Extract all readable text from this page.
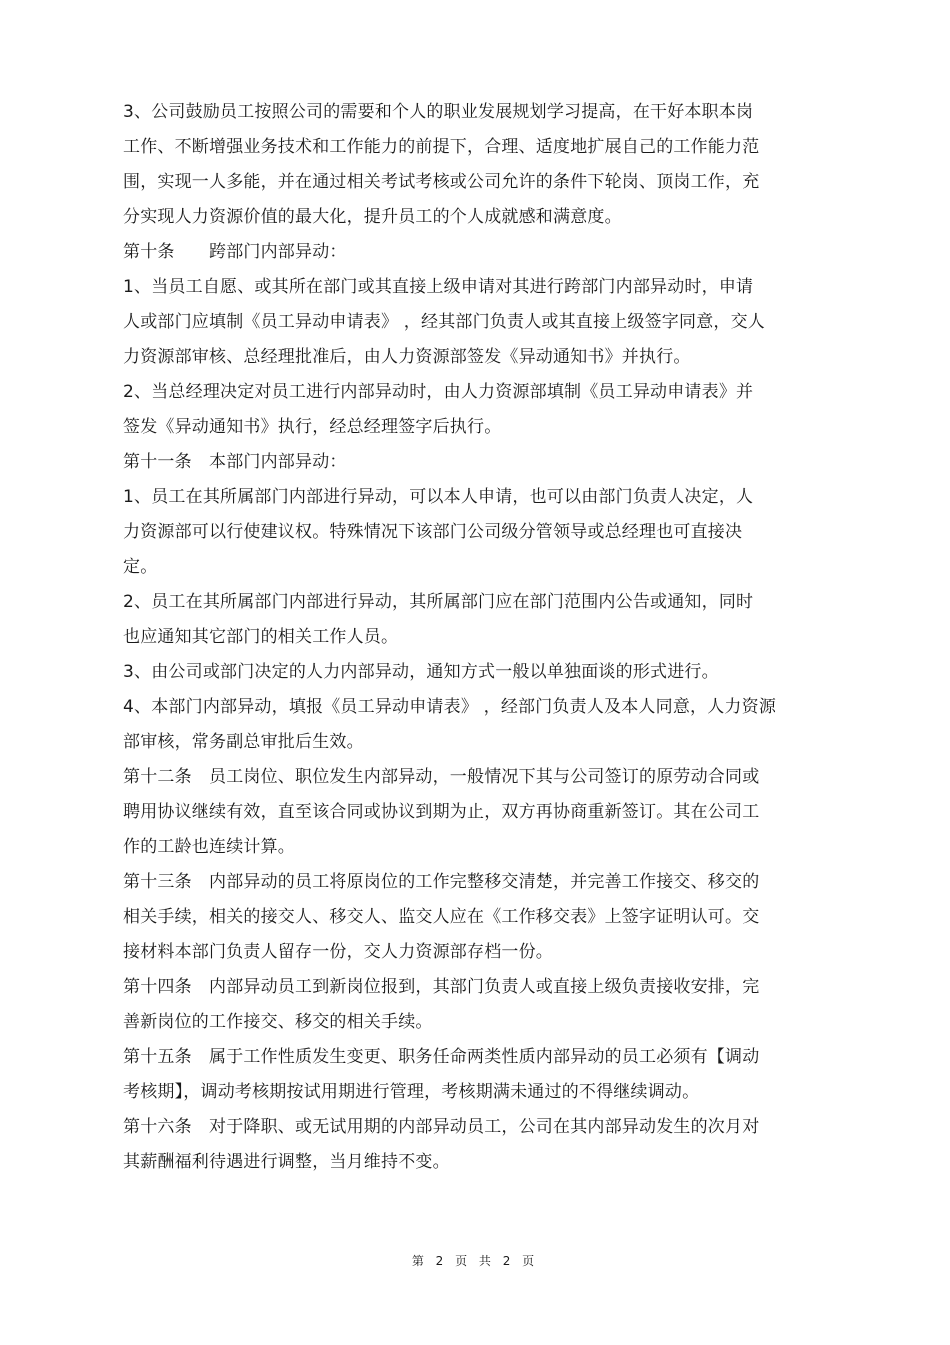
3、公司鼓励员工按照公司的需要和个人的职业发展规划学习提高，在干好本职本岗
工作、不断增强业务技术和工作能力的前提下，合理、适度地扩展自己的工作能力范
围，实现一人多能，并在通过相关考试考核或公司允许的条件下轮岗、顶岗工作，充
分实现人力资源价值的最大化，提升员工的个人成就感和满意度。
第十条　　跨部门内部异动：
1、当员工自愿、或其所在部门或其直接上级申请对其进行跨部门内部异动时，申请
人或部门应填制《员工异动申请表》 ，经其部门负责人或其直接上级签字同意，交人
力资源部审核、总经理批准后，由人力资源部签发《异动通知书》并执行。
2、当总经理决定对员工进行内部异动时，由人力资源部填制《员工异动申请表》并
签发《异动通知书》执行，经总经理签字后执行。
第十一条　本部门内部异动：
1、员工在其所属部门内部进行异动，可以本人申请，也可以由部门负责人决定，人
力资源部可以行使建议权。特殊情况下该部门公司级分管领导或总经理也可直接决
定。
2、员工在其所属部门内部进行异动，其所属部门应在部门范围内公告或通知，同时
也应通知其它部门的相关工作人员。
3、由公司或部门决定的人力内部异动，通知方式一般以单独面谈的形式进行。
4、本部门内部异动，填报《员工异动申请表》 ，经部门负责人及本人同意，人力资源
部审核，常务副总审批后生效。
第十二条　员工岗位、职位发生内部异动，一般情况下其与公司签订的原劳动合同或
聘用协议继续有效，直至该合同或协议到期为止，双方再协商重新签订。其在公司工
作的工龄也连续计算。
第十三条　内部异动的员工将原岗位的工作完整移交清楚，并完善工作接交、移交的
相关手续，相关的接交人、移交人、监交人应在《工作移交表》上签字证明认可。交
接材料本部门负责人留存一份，交人力资源部存档一份。
第十四条　内部异动员工到新岗位报到，其部门负责人或直接上级负责接收安排，完
善新岗位的工作接交、移交的相关手续。
第十五条　属于工作性质发生变更、职务任命两类性质内部异动的员工必须有【调动
考核期】，调动考核期按试用期进行管理，考核期满未通过的不得继续调动。
第十六条　对于降职、或无试用期的内部异动员工，公司在其内部异动发生的次月对
其薪酬福利待遇进行调整，当月维持不变。
第 2 页 共 2 页
